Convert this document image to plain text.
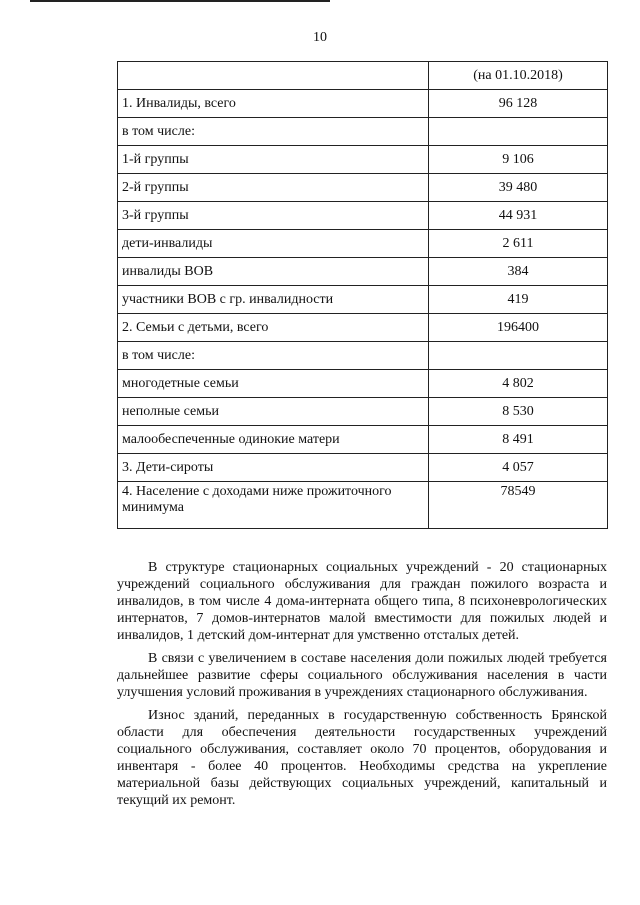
10
	(на 01.10.2018)
1. Инвалиды, всего	96 128
в том числе:	
1-й группы	9 106
2-й группы	39 480
3-й группы	44 931
дети-инвалиды	2 611
инвалиды ВОВ	384
участники ВОВ с гр. инвалидности	419
2. Семьи с детьми, всего	196400
в том числе:	
многодетные семьи	4 802
неполные семьи	8 530
малообеспеченные одинокие матери	8 491
3. Дети-сироты	4 057
4. Население с доходами ниже прожиточного минимума	78549

В структуре стационарных социальных учреждений - 20 стационарных учреждений социального обслуживания для граждан пожилого возраста и инвалидов, в том числе 4 дома-интерната общего типа, 8 психоневрологических интернатов, 7 домов-интернатов малой вместимости для пожилых людей и инвалидов, 1 детский дом-интернат для умственно отсталых детей.

В связи с увеличением в составе населения доли пожилых людей требуется дальнейшее развитие сферы социального обслуживания населения в части улучшения условий проживания в учреждениях стационарного обслуживания.

Износ зданий, переданных в государственную собственность Брянской области для обеспечения деятельности государственных учреждений социального обслуживания, составляет около 70 процентов, оборудования и инвентаря - более 40 процентов. Необходимы средства на укрепление материальной базы действующих социальных учреждений, капитальный и текущий их ремонт.
